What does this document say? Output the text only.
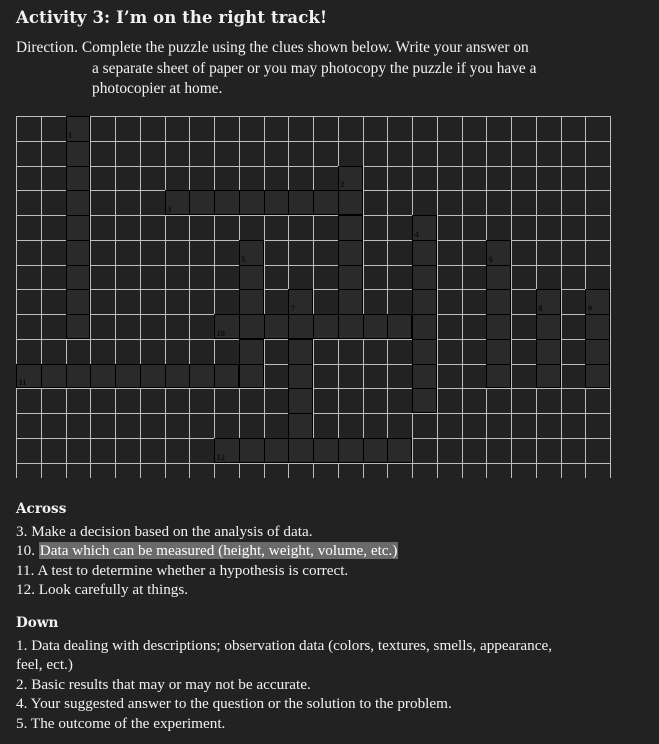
Activity 3: I’m on the right track!
Direction. Complete the puzzle using the clues shown below. Write your answer on
a separate sheet of paper or you may photocopy the puzzle if you have a
photocopier at home.
1
2
3
4
5	6
7	8	9
10
11
12
Across
3. Make a decision based on the analysis of data.
10. Data which can be measured (height, weight, volume, etc.)
11. A test to determine whether a hypothesis is correct.
12. Look carefully at things.
Down
1. Data dealing with descriptions; observation data (colors, textures, smells, appearance, feel, ect.)
2. Basic results that may or may not be accurate.
4. Your suggested answer to the question or the solution to the problem.
5. The outcome of the experiment.
